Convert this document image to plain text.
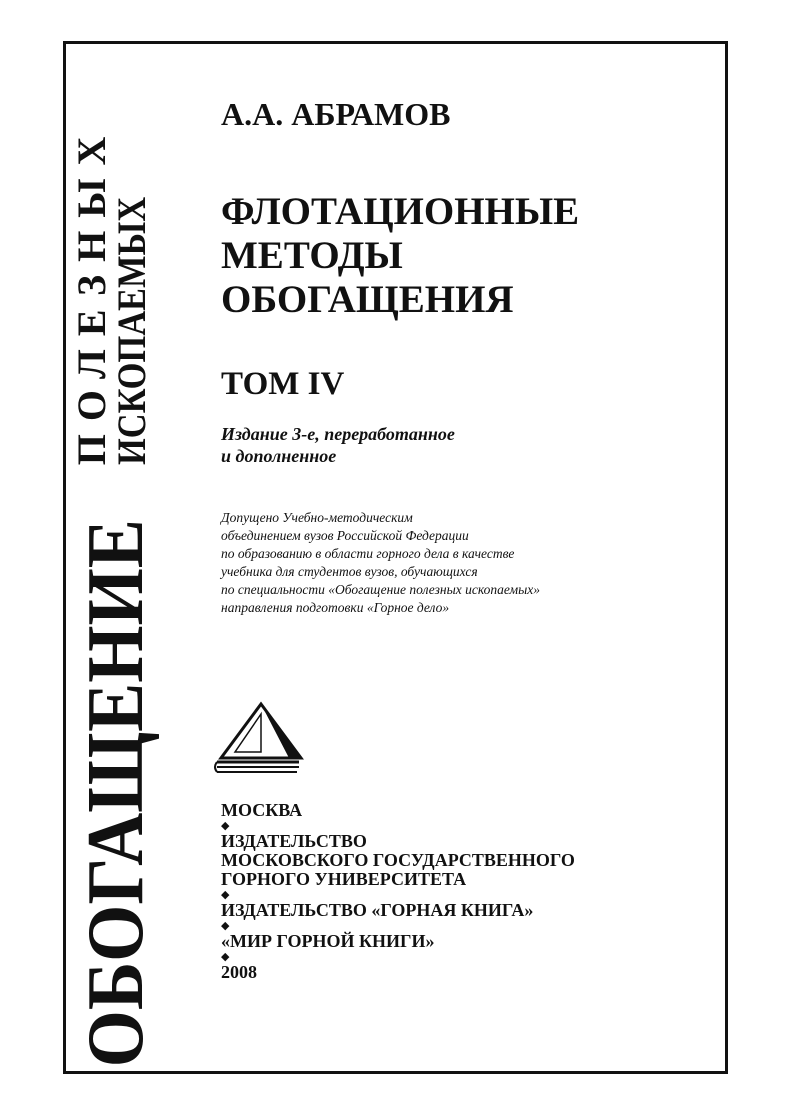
ОБОГАЩЕНИЕ
ПОЛЕЗНЫХ
ИСКОПАЕМЫХ
А.А. АБРАМОВ
ФЛОТАЦИОННЫЕ
МЕТОДЫ
ОБОГАЩЕНИЯ
ТОМ IV
Издание 3-е, переработанное
и дополненное
Допущено Учебно-методическим
объединением вузов Российской Федерации
по образованию в области горного дела в качестве
учебника для студентов вузов, обучающихся
по специальности «Обогащение полезных ископаемых»
направления подготовки «Горное дело»
МОСКВА
◆
ИЗДАТЕЛЬСТВО
МОСКОВСКОГО ГОСУДАРСТВЕННОГО
ГОРНОГО УНИВЕРСИТЕТА
◆
ИЗДАТЕЛЬСТВО «ГОРНАЯ КНИГА»
◆
«МИР ГОРНОЙ КНИГИ»
◆
2008
